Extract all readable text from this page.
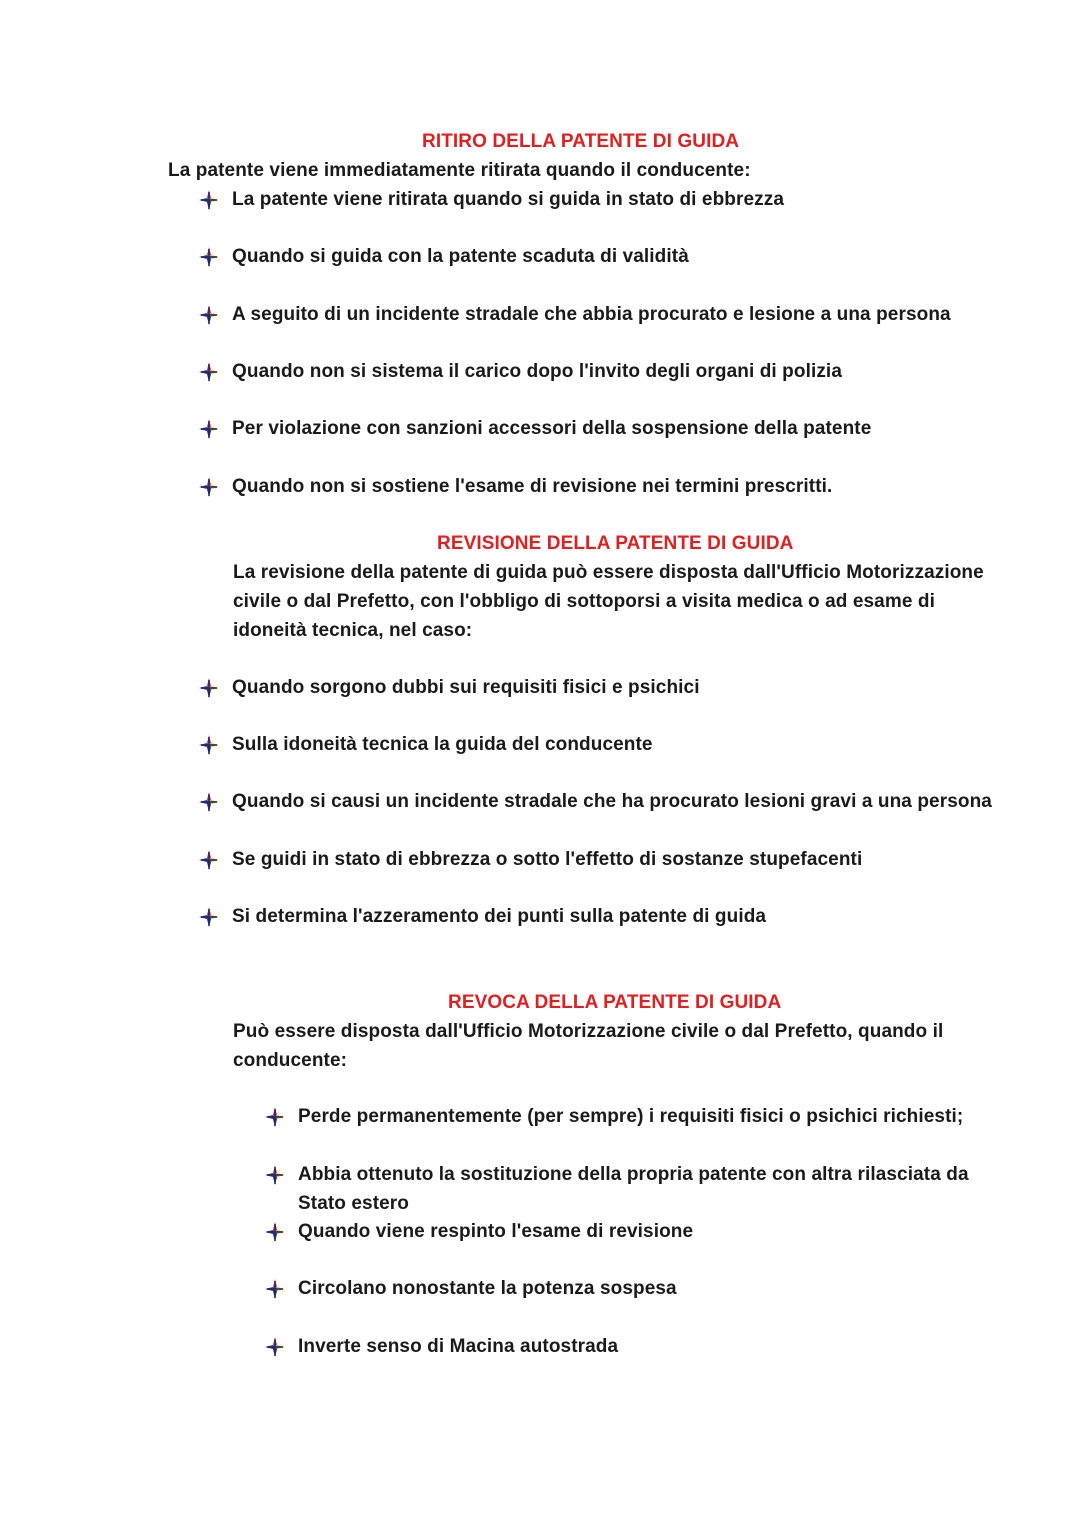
RITIRO DELLA PATENTE DI GUIDA
La patente viene immediatamente ritirata quando il conducente:
La patente viene ritirata quando si guida in stato di ebbrezza
Quando si guida con la patente scaduta di validità
A seguito di un incidente stradale che abbia procurato e lesione a una persona
Quando non si sistema il carico dopo l'invito degli organi di polizia
Per violazione con sanzioni accessori della sospensione della patente
Quando non si sostiene l'esame di revisione nei termini prescritti.
REVISIONE DELLA PATENTE DI GUIDA
La revisione della patente di guida può essere disposta dall'Ufficio Motorizzazione
civile o dal Prefetto, con l'obbligo di sottoporsi a visita medica o ad esame di
idoneità tecnica, nel caso:
Quando sorgono dubbi sui requisiti fisici e psichici
Sulla idoneità tecnica la guida del conducente
Quando si causi un incidente stradale che ha procurato lesioni gravi a una persona
Se guidi in stato di ebbrezza o sotto l'effetto di sostanze stupefacenti
Si determina l'azzeramento dei punti sulla patente di guida
REVOCA DELLA PATENTE DI GUIDA
Può essere disposta dall'Ufficio Motorizzazione civile o dal Prefetto, quando il
conducente:
Perde permanentemente (per sempre) i requisiti fisici o psichici richiesti;
Abbia ottenuto la sostituzione della propria patente con altra rilasciata da
Stato estero
Quando viene respinto l'esame di revisione
Circolano nonostante la potenza sospesa
Inverte senso di Macina autostrada
